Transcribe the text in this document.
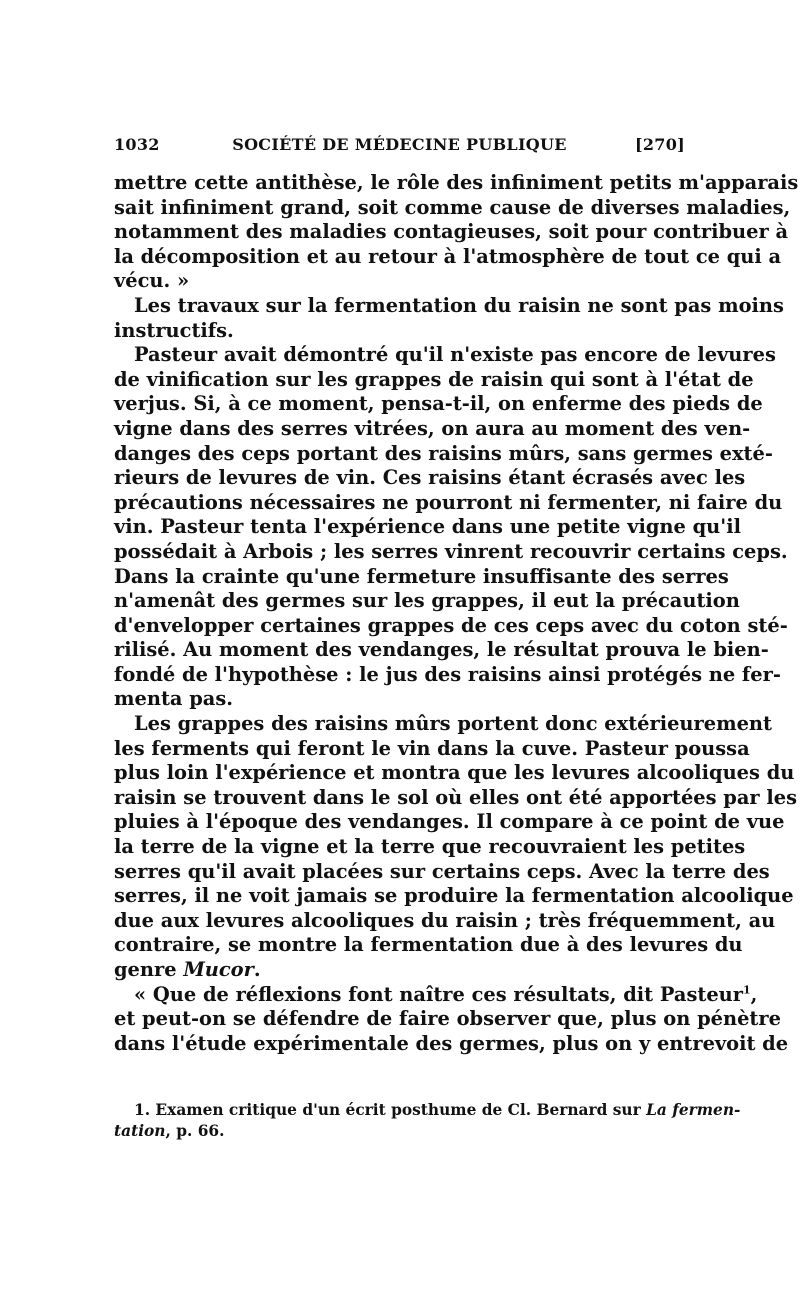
1032	SOCIÉTÉ DE MÉDECINE PUBLIQUE	[270]
mettre cette antithèse, le rôle des infiniment petits m'apparais
sait infiniment grand, soit comme cause de diverses maladies,
notamment des maladies contagieuses, soit pour contribuer à
la décomposition et au retour à l'atmosphère de tout ce qui a
vécu. »
Les travaux sur la fermentation du raisin ne sont pas moins
instructifs.
Pasteur avait démontré qu'il n'existe pas encore de levures
de vinification sur les grappes de raisin qui sont à l'état de
verjus. Si, à ce moment, pensa-t-il, on enferme des pieds de
vigne dans des serres vitrées, on aura au moment des ven-
danges des ceps portant des raisins mûrs, sans germes exté-
rieurs de levures de vin. Ces raisins étant écrasés avec les
précautions nécessaires ne pourront ni fermenter, ni faire du
vin. Pasteur tenta l'expérience dans une petite vigne qu'il
possédait à Arbois ; les serres vinrent recouvrir certains ceps.
Dans la crainte qu'une fermeture insuffisante des serres
n'amenât des germes sur les grappes, il eut la précaution
d'envelopper certaines grappes de ces ceps avec du coton sté-
rilisé. Au moment des vendanges, le résultat prouva le bien-
fondé de l'hypothèse : le jus des raisins ainsi protégés ne fer-
menta pas.
Les grappes des raisins mûrs portent donc extérieurement
les ferments qui feront le vin dans la cuve. Pasteur poussa
plus loin l'expérience et montra que les levures alcooliques du
raisin se trouvent dans le sol où elles ont été apportées par les
pluies à l'époque des vendanges. Il compare à ce point de vue
la terre de la vigne et la terre que recouvraient les petites
serres qu'il avait placées sur certains ceps. Avec la terre des
serres, il ne voit jamais se produire la fermentation alcoolique
due aux levures alcooliques du raisin ; très fréquemment, au
contraire, se montre la fermentation due à des levures du
genre Mucor.
« Que de réflexions font naître ces résultats, dit Pasteur$^1$,
et peut-on se défendre de faire observer que, plus on pénètre
dans l'étude expérimentale des germes, plus on y entrevoit de
1. Examen critique d'un écrit posthume de Cl. Bernard sur La fermen-
tation, p. 66.
